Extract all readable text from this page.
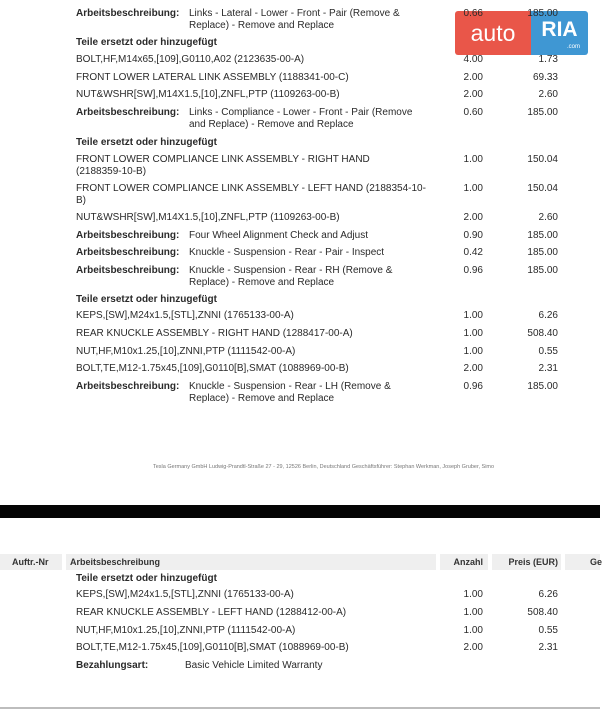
auto	RIA
.com
Arbeitsbeschreibung: Links - Lateral - Lower - Front - Pair (Remove & Replace) - Remove and Replace
0.66	185.00
Teile ersetzt oder hinzugefügt
BOLT,HF,M14x65,[109],G0110,A02 (2123635-00-A)	4.00	1.73
FRONT LOWER LATERAL LINK ASSEMBLY (1188341-00-C)	2.00	69.33
NUT&WSHR[SW],M14X1.5,[10],ZNFL,PTP (1109263-00-B)	2.00	2.60
Arbeitsbeschreibung: Links - Compliance - Lower - Front - Pair (Remove and Replace) - Remove and Replace
0.60	185.00
Teile ersetzt oder hinzugefügt
FRONT LOWER COMPLIANCE LINK ASSEMBLY - RIGHT HAND (2188359-10-B)
1.00	150.04
FRONT LOWER COMPLIANCE LINK ASSEMBLY - LEFT HAND (2188354-10-B)
1.00	150.04
NUT&WSHR[SW],M14X1.5,[10],ZNFL,PTP (1109263-00-B)	2.00	2.60
Arbeitsbeschreibung: Four Wheel Alignment Check and Adjust	0.90	185.00
Arbeitsbeschreibung: Knuckle - Suspension - Rear - Pair - Inspect	0.42	185.00
Arbeitsbeschreibung: Knuckle - Suspension - Rear - RH (Remove & Replace) - Remove and Replace
0.96	185.00
Teile ersetzt oder hinzugefügt
KEPS,[SW],M24x1.5,[STL],ZNNI (1765133-00-A)	1.00	6.26
REAR KNUCKLE ASSEMBLY - RIGHT HAND (1288417-00-A)	1.00	508.40
NUT,HF,M10x1.25,[10],ZNNI,PTP (1111542-00-A)	1.00	0.55
BOLT,TE,M12-1.75x45,[109],G0110[B],SMAT (1088969-00-B)	2.00	2.31
Arbeitsbeschreibung: Knuckle - Suspension - Rear - LH (Remove & Replace) - Remove and Replace
0.96	185.00
Tesla Germany GmbH Ludwig-Prandtl-Straße 27 - 29, 12526 Berlin, Deutschland Geschäftsführer: Stephan Werkman, Joseph Gruber, Simo
Auftr.-Nr Arbeitsbeschreibung	Anzahl	Preis (EUR)	Ge
Teile ersetzt oder hinzugefügt
KEPS,[SW],M24x1.5,[STL],ZNNI (1765133-00-A)	1.00	6.26
REAR KNUCKLE ASSEMBLY - LEFT HAND (1288412-00-A)	1.00	508.40
NUT,HF,M10x1.25,[10],ZNNI,PTP (1111542-00-A)	1.00	0.55
BOLT,TE,M12-1.75x45,[109],G0110[B],SMAT (1088969-00-B)	2.00	2.31
Bezahlungsart:	Basic Vehicle Limited Warranty
